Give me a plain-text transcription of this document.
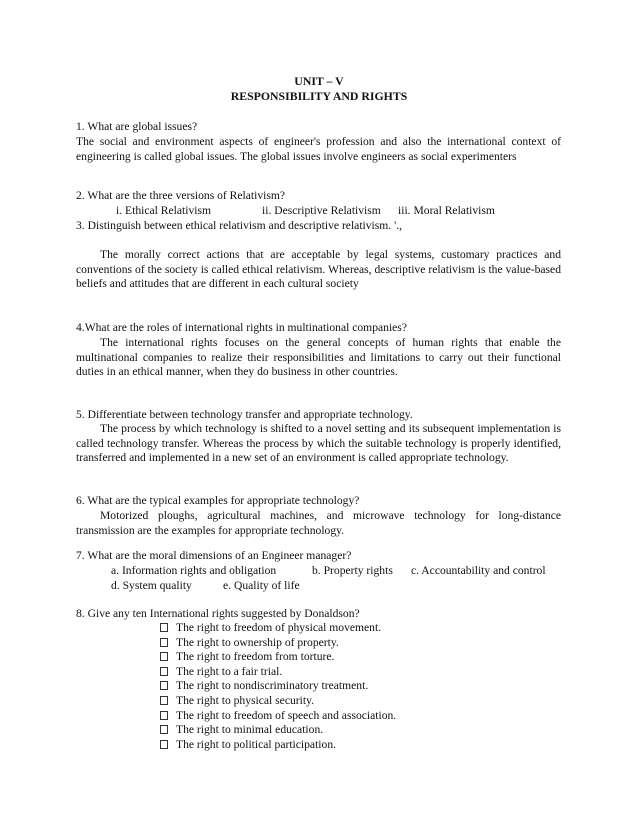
UNIT – V
RESPONSIBILITY AND RIGHTS
1. What are global issues?
The social and environment aspects of engineer's profession and also the international context of engineering is called global issues. The global issues involve engineers as social experimenters
2. What are the three versions of Relativism?
i. Ethical Relativism	ii. Descriptive Relativism iii. Moral Relativism
3. Distinguish between ethical relativism and descriptive relativism. '.,
The morally correct actions that are acceptable by legal systems, customary practices and conventions of the society is called ethical relativism. Whereas, descriptive relativism is the value-based beliefs and attitudes that are different in each cultural society
4.What are the roles of international rights in multinational companies?
The international rights focuses on the general concepts of human rights that enable the multinational companies to realize their responsibilities and limitations to carry out their functional duties in an ethical manner, when they do business in other countries.
5. Differentiate between technology transfer and appropriate technology.
The process by which technology is shifted to a novel setting and its subsequent implementation is called technology transfer. Whereas the process by which the suitable technology is properly identified, transferred and implemented in a new set of an environment is called appropriate technology.
6. What are the typical examples for appropriate technology?
Motorized ploughs, agricultural machines, and microwave technology for long-distance transmission are the examples for appropriate technology.
7. What are the moral dimensions of an Engineer manager?
a. Information rights and obligation	b. Property rights c. Accountability and control
d. System quality	e. Quality of life
8. Give any ten International rights suggested by Donaldson?
The right to freedom of physical movement.
The right to ownership of property.
The right to freedom from torture.
The right to a fair trial.
The right to nondiscriminatory treatment.
The right to physical security.
The right to freedom of speech and association.
The right to minimal education.
The right to political participation.
